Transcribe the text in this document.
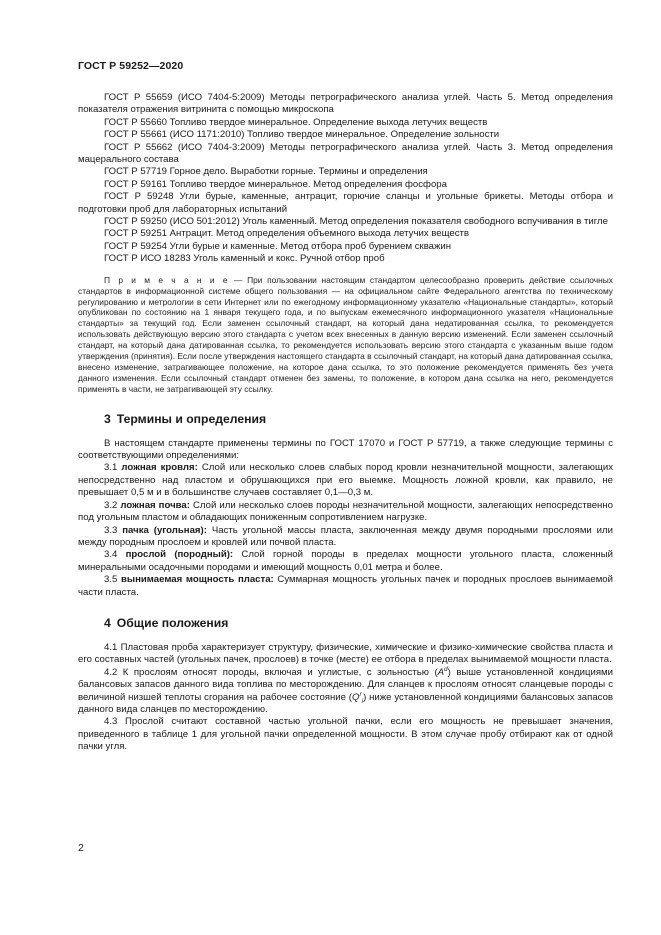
ГОСТ Р 59252—2020

ГОСТ Р 55659 (ИСО 7404-5:2009) Методы петрографического анализа углей. Часть 5. Метод определения показателя отражения витринита с помощью микроскопа

ГОСТ Р 55660 Топливо твердое минеральное. Определение выхода летучих веществ

ГОСТ Р 55661 (ИСО 1171:2010) Топливо твердое минеральное. Определение зольности

ГОСТ Р 55662 (ИСО 7404-3:2009) Методы петрографического анализа углей. Часть 3. Метод определения мацерального состава

ГОСТ Р 57719 Горное дело. Выработки горные. Термины и определения

ГОСТ Р 59161 Топливо твердое минеральное. Метод определения фосфора

ГОСТ Р 59248 Угли бурые, каменные, антрацит, горючие сланцы и угольные брикеты. Методы отбора и подготовки проб для лабораторных испытаний

ГОСТ Р 59250 (ИСО 501:2012) Уголь каменный. Метод определения показателя свободного вспучивания в тигле

ГОСТ Р 59251 Антрацит. Метод определения объемного выхода летучих веществ

ГОСТ Р 59254 Угли бурые и каменные. Метод отбора проб бурением скважин

ГОСТ Р ИСО 18283 Уголь каменный и кокс. Ручной отбор проб

П р и м е ч а н и е — При пользовании настоящим стандартом целесообразно проверить действие ссылочных стандартов в информационной системе общего пользования — на официальном сайте Федерального агентства по техническому регулированию и метрологии в сети Интернет или по ежегодному информационному указателю «Национальные стандарты», который опубликован по состоянию на 1 января текущего года, и по выпускам ежемесячного информационного указателя «Национальные стандарты» за текущий год. Если заменен ссылочный стандарт, на который дана недатированная ссылка, то рекомендуется использовать действующую версию этого стандарта с учетом всех внесенных в данную версию изменений. Если заменен ссылочный стандарт, на который дана датированная ссылка, то рекомендуется использовать версию этого стандарта с указанным выше годом утверждения (принятия). Если после утверждения настоящего стандарта в ссылочный стандарт, на который дана датированная ссылка, внесено изменение, затрагивающее положение, на которое дана ссылка, то это положение рекомендуется применять без учета данного изменения. Если ссылочный стандарт отменен без замены, то положение, в котором дана ссылка на него, рекомендуется применять в части, не затрагивающей эту ссылку.

3 Термины и определения

В настоящем стандарте применены термины по ГОСТ 17070 и ГОСТ Р 57719, а также следующие термины с соответствующими определениями:

3.1 ложная кровля: Слой или несколько слоев слабых пород кровли незначительной мощности, залегающих непосредственно над пластом и обрушающихся при его выемке. Мощность ложной кровли, как правило, не превышает 0,5 м и в большинстве случаев составляет 0,1—0,3 м.

3.2 ложная почва: Слой или несколько слоев породы незначительной мощности, залегающих непосредственно под угольным пластом и обладающих пониженным сопротивлением нагрузке.

3.3 пачка (угольная): Часть угольной массы пласта, заключенная между двумя породными прослоями или между породным прослоем и кровлей или почвой пласта.

3.4 прослой (породный): Слой горной породы в пределах мощности угольного пласта, сложенный минеральными осадочными породами и имеющий мощность 0,01 метра и более.

3.5 вынимаемая мощность пласта: Суммарная мощность угольных пачек и породных прослоев вынимаемой части пласта.

4 Общие положения

4.1 Пластовая проба характеризует структуру, физические, химические и физико-химические свойства пласта и его составных частей (угольных пачек, прослоев) в точке (месте) ее отбора в пределах вынимаемой мощности пласта.

4.2 К прослоям относят породы, включая и углистые, с зольностью $(A^d)$ выше установленной кондициями балансовых запасов данного вида топлива по месторождению. Для сланцев к прослоям относят сланцевые породы с величиной низшей теплоты сгорания на рабочее состояние $(Q^r_i)$ ниже установленной кондициями балансовых запасов данного вида сланцев по месторождению.

4.3 Прослой считают составной частью угольной пачки, если его мощность не превышает значения, приведенного в таблице 1 для угольной пачки определенной мощности. В этом случае пробу отбирают как от одной пачки угля.

2
